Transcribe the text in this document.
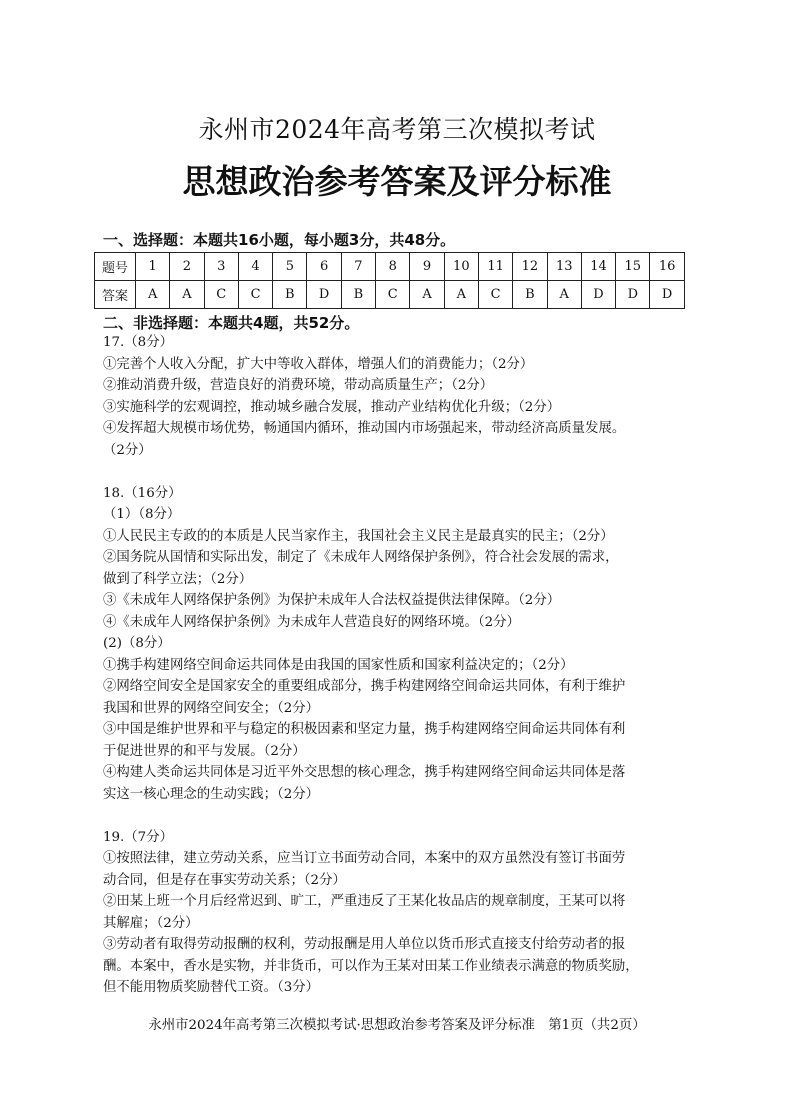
永州市2024年高考第三次模拟考试
思想政治参考答案及评分标准
一、选择题：本题共16小题，每小题3分，共48分。
题号	1	2	3	4	5	6	7	8	9	10	11	12	13	14	15	16
答案	A	A	C	C	B	D	B	C	A	A	C	B	A	D	D	D
二、非选择题：本题共4题，共52分。

17.（8分）

①完善个人收入分配，扩大中等收入群体，增强人们的消费能力；（2分）

②推动消费升级，营造良好的消费环境，带动高质量生产；（2分）

③实施科学的宏观调控，推动城乡融合发展，推动产业结构优化升级；（2分）

④发挥超大规模市场优势，畅通国内循环，推动国内市场强起来，带动经济高质量发展。

（2分）

18.（16分）

（1）（8分）

①人民民主专政的的本质是人民当家作主，我国社会主义民主是最真实的民主；（2分）

②国务院从国情和实际出发，制定了《未成年人网络保护条例》，符合社会发展的需求，

做到了科学立法；（2分）

③《未成年人网络保护条例》为保护未成年人合法权益提供法律保障。（2分）

④《未成年人网络保护条例》为未成年人营造良好的网络环境。（2分）

(2)（8分）

①携手构建网络空间命运共同体是由我国的国家性质和国家利益决定的；（2分）

②网络空间安全是国家安全的重要组成部分，携手构建网络空间命运共同体，有利于维护

我国和世界的网络空间安全；（2分）

③中国是维护世界和平与稳定的积极因素和坚定力量，携手构建网络空间命运共同体有利

于促进世界的和平与发展。（2分）

④构建人类命运共同体是习近平外交思想的核心理念，携手构建网络空间命运共同体是落

实这一核心理念的生动实践；（2分）

19.（7分）

①按照法律，建立劳动关系，应当订立书面劳动合同，本案中的双方虽然没有签订书面劳

动合同，但是存在事实劳动关系；（2分）

②田某上班一个月后经常迟到、旷工，严重违反了王某化妆品店的规章制度，王某可以将

其解雇；（2分）

③劳动者有取得劳动报酬的权利，劳动报酬是用人单位以货币形式直接支付给劳动者的报

酬。本案中，香水是实物，并非货币，可以作为王某对田某工作业绩表示满意的物质奖励，

但不能用物质奖励替代工资。（3分）

永州市2024年高考第三次模拟考试·思想政治参考答案及评分标准　第1页（共2页）
